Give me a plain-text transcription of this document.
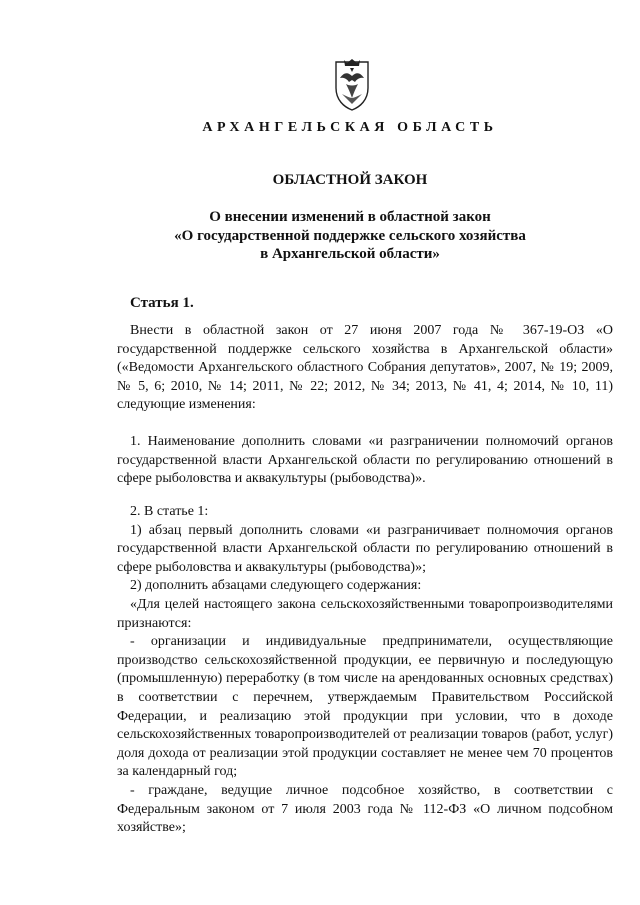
АРХАНГЕЛЬСКАЯ ОБЛАСТЬ

ОБЛАСТНОЙ ЗАКОН

О внесении изменений в областной закон
«О государственной поддержке сельского хозяйства
в Архангельской области»

Статья 1.

Внести в областной закон от 27 июня 2007 года № 367-19-ОЗ «О государственной поддержке сельского хозяйства в Архангельской области» («Ведомости Архангельского областного Собрания депутатов», 2007, № 19; 2009, № 5, 6; 2010, № 14; 2011, № 22; 2012, № 34; 2013, № 41, 4; 2014, № 10, 11) следующие изменения:

1. Наименование дополнить словами «и разграничении полномочий органов государственной власти Архангельской области по регулированию отношений в сфере рыболовства и аквакультуры (рыбоводства)».

2. В статье 1:

1) абзац первый дополнить словами «и разграничивает полномочия органов государственной власти Архангельской области по регулированию отношений в сфере рыболовства и аквакультуры (рыбоводства)»;

2) дополнить абзацами следующего содержания:

«Для целей настоящего закона сельскохозяйственными товаропроизводителями признаются:

- организации и индивидуальные предприниматели, осуществляющие производство сельскохозяйственной продукции, ее первичную и последующую (промышленную) переработку (в том числе на арендованных основных средствах) в соответствии с перечнем, утверждаемым Правительством Российской Федерации, и реализацию этой продукции при условии, что в доходе сельскохозяйственных товаропроизводителей от реализации товаров (работ, услуг) доля дохода от реализации этой продукции составляет не менее чем 70 процентов за календарный год;

- граждане, ведущие личное подсобное хозяйство, в соответствии с Федеральным законом от 7 июля 2003 года № 112-ФЗ «О личном подсобном хозяйстве»;
